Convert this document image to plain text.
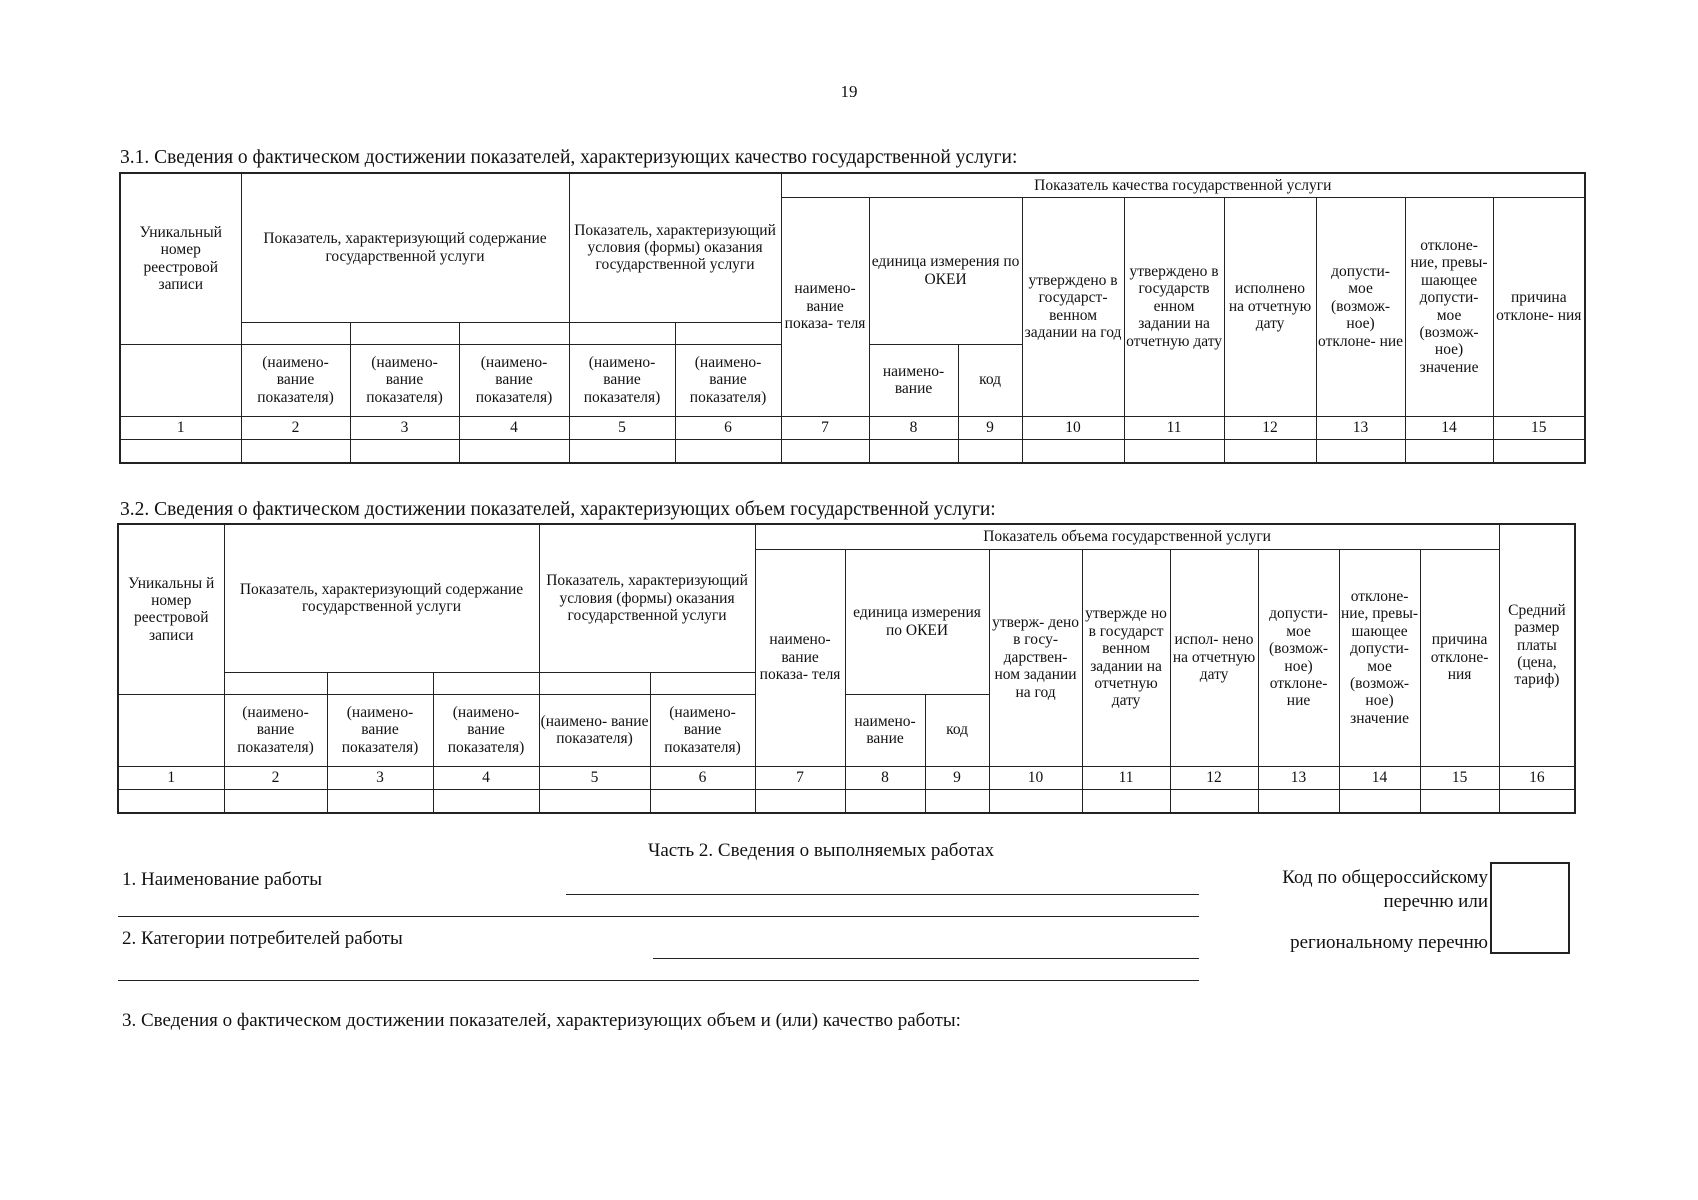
19
3.1. Сведения о фактическом достижении показателей, характеризующих качество государственной услуги:
Уникальный номер реестровой записи	Показатель, характеризующий содержание государственной услуги			Показатель, характеризующий условия (формы) оказания государственной услуги		Показатель качества государственной услуги								
						наимено- вание показа- теля	единица измерения по ОКЕИ		утверждено в государст- венном задании на год	утверждено в государств енном задании на отчетную дату	исполнено на отчетную дату	допусти- мое (возмож- ное) отклоне- ние	отклоне- ние, превы- шающее допусти- мое (возмож- ное) значение	причина отклоне- ния

	(наимено- вание показателя)	(наимено- вание показателя)	(наимено- вание показателя)	(наимено- вание показателя)	(наимено- вание показателя)		наимено- вание	код						
1	2	3	4	5	6	7	8	9	10	11	12	13	14	15

3.2. Сведения о фактическом достижении показателей, характеризующих объем государственной услуги:
Уникальны й номер реестровой записи	Показатель, характеризующий содержание государственной услуги			Показатель, характеризующий условия (формы) оказания государственной услуги		Показатель объема государственной услуги									Средний размер платы (цена, тариф)
						наимено- вание показа- теля	единица измерения по ОКЕИ		утверж- дено в госу- дарствен- ном задании на год	утвержде но в государст венном задании на отчетную дату	испол- нено на отчетную дату	допусти- мое (возмож- ное) отклоне- ние	отклоне- ние, превы- шающее допусти- мое (возмож- ное) значение	причина отклоне- ния	

	(наимено- вание показателя)	(наимено- вание показателя)	(наимено- вание показателя)	(наимено- вание показателя)	(наимено- вание показателя)		наимено- вание	код							
1	2	3	4	5	6	7	8	9	10	11	12	13	14	15	16

Часть 2. Сведения о выполняемых работах
1. Наименование работы
2. Категории потребителей работы
Код по общероссийскому
перечню или
региональному перечню
3. Сведения о фактическом достижении показателей, характеризующих объем и (или) качество работы:
